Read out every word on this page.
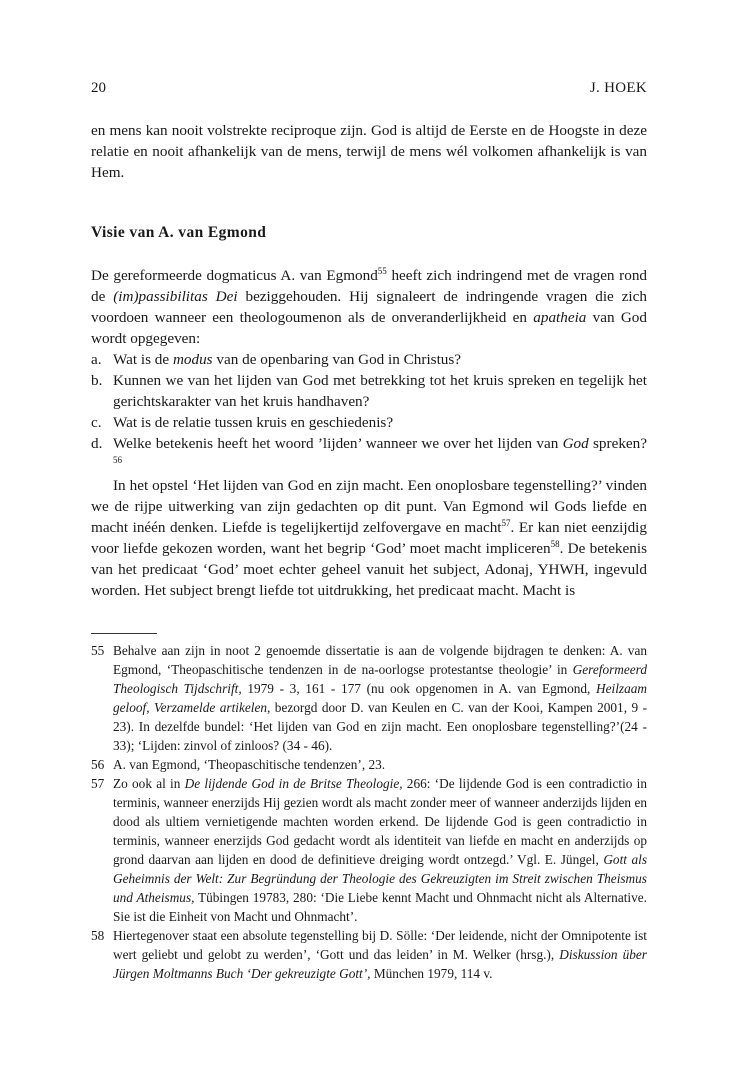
20	J. HOEK

en mens kan nooit volstrekte reciproque zijn. God is altijd de Eerste en de Hoogste in deze relatie en nooit afhankelijk van de mens, terwijl de mens wél volkomen afhankelijk is van Hem.

Visie van A. van Egmond

De gereformeerde dogmaticus A. van Egmond$^{55}$ heeft zich indringend met de vragen rond de (im)passibilitas Dei beziggehouden. Hij signaleert de indringende vragen die zich voordoen wanneer een theologoumenon als de onveranderlijkheid en apatheia van God wordt opgegeven:

a. Wat is de modus van de openbaring van God in Christus?
b. Kunnen we van het lijden van God met betrekking tot het kruis spreken en tegelijk het gerichtskarakter van het kruis handhaven?
c. Wat is de relatie tussen kruis en geschiedenis?
d. Welke betekenis heeft het woord ’lijden’ wanneer we over het lijden van God spreken?$^{56}$

In het opstel ‘Het lijden van God en zijn macht. Een onoplosbare tegenstelling?’ vinden we de rijpe uitwerking van zijn gedachten op dit punt. Van Egmond wil Gods liefde en macht inéén denken. Liefde is tegelijkertijd zelfovergave en macht$^{57}$. Er kan niet eenzijdig voor liefde gekozen worden, want het begrip ‘God’ moet macht impliceren$^{58}$. De betekenis van het predicaat ‘God’ moet echter geheel vanuit het subject, Adonaj, YHWH, ingevuld worden. Het subject brengt liefde tot uitdrukking, het predicaat macht. Macht is

55 Behalve aan zijn in noot 2 genoemde dissertatie is aan de volgende bijdragen te denken: A. van Egmond, ‘Theopaschitische tendenzen in de na-oorlogse protestantse theologie’ in Gereformeerd Theologisch Tijdschrift, 1979 - 3, 161 - 177 (nu ook opgenomen in A. van Egmond, Heilzaam geloof, Verzamelde artikelen, bezorgd door D. van Keulen en C. van der Kooi, Kampen 2001, 9 - 23). In dezelfde bundel: ‘Het lijden van God en zijn macht. Een onoplosbare tegenstelling?’(24 - 33); ‘Lijden: zinvol of zinloos? (34 - 46).

56 A. van Egmond, ‘Theopaschitische tendenzen’, 23.

57 Zo ook al in De lijdende God in de Britse Theologie, 266: ‘De lijdende God is een contradictio in terminis, wanneer enerzijds Hij gezien wordt als macht zonder meer of wanneer anderzijds lijden en dood als ultiem vernietigende machten worden erkend. De lijdende God is geen contradictio in terminis, wanneer enerzijds God gedacht wordt als identiteit van liefde en macht en anderzijds op grond daarvan aan lijden en dood de definitieve dreiging wordt ontzegd.’ Vgl. E. Jüngel, Gott als Geheimnis der Welt: Zur Begründung der Theologie des Gekreuzigten im Streit zwischen Theismus und Atheismus, Tübingen 19783, 280: ‘Die Liebe kennt Macht und Ohnmacht nicht als Alternative. Sie ist die Einheit von Macht und Ohnmacht’.

58 Hiertegenover staat een absolute tegenstelling bij D. Sölle: ‘Der leidende, nicht der Omnipotente ist wert geliebt und gelobt zu werden’, ‘Gott und das leiden’ in M. Welker (hrsg.), Diskussion über Jürgen Moltmanns Buch ‘Der gekreuzigte Gott’, München 1979, 114 v.
